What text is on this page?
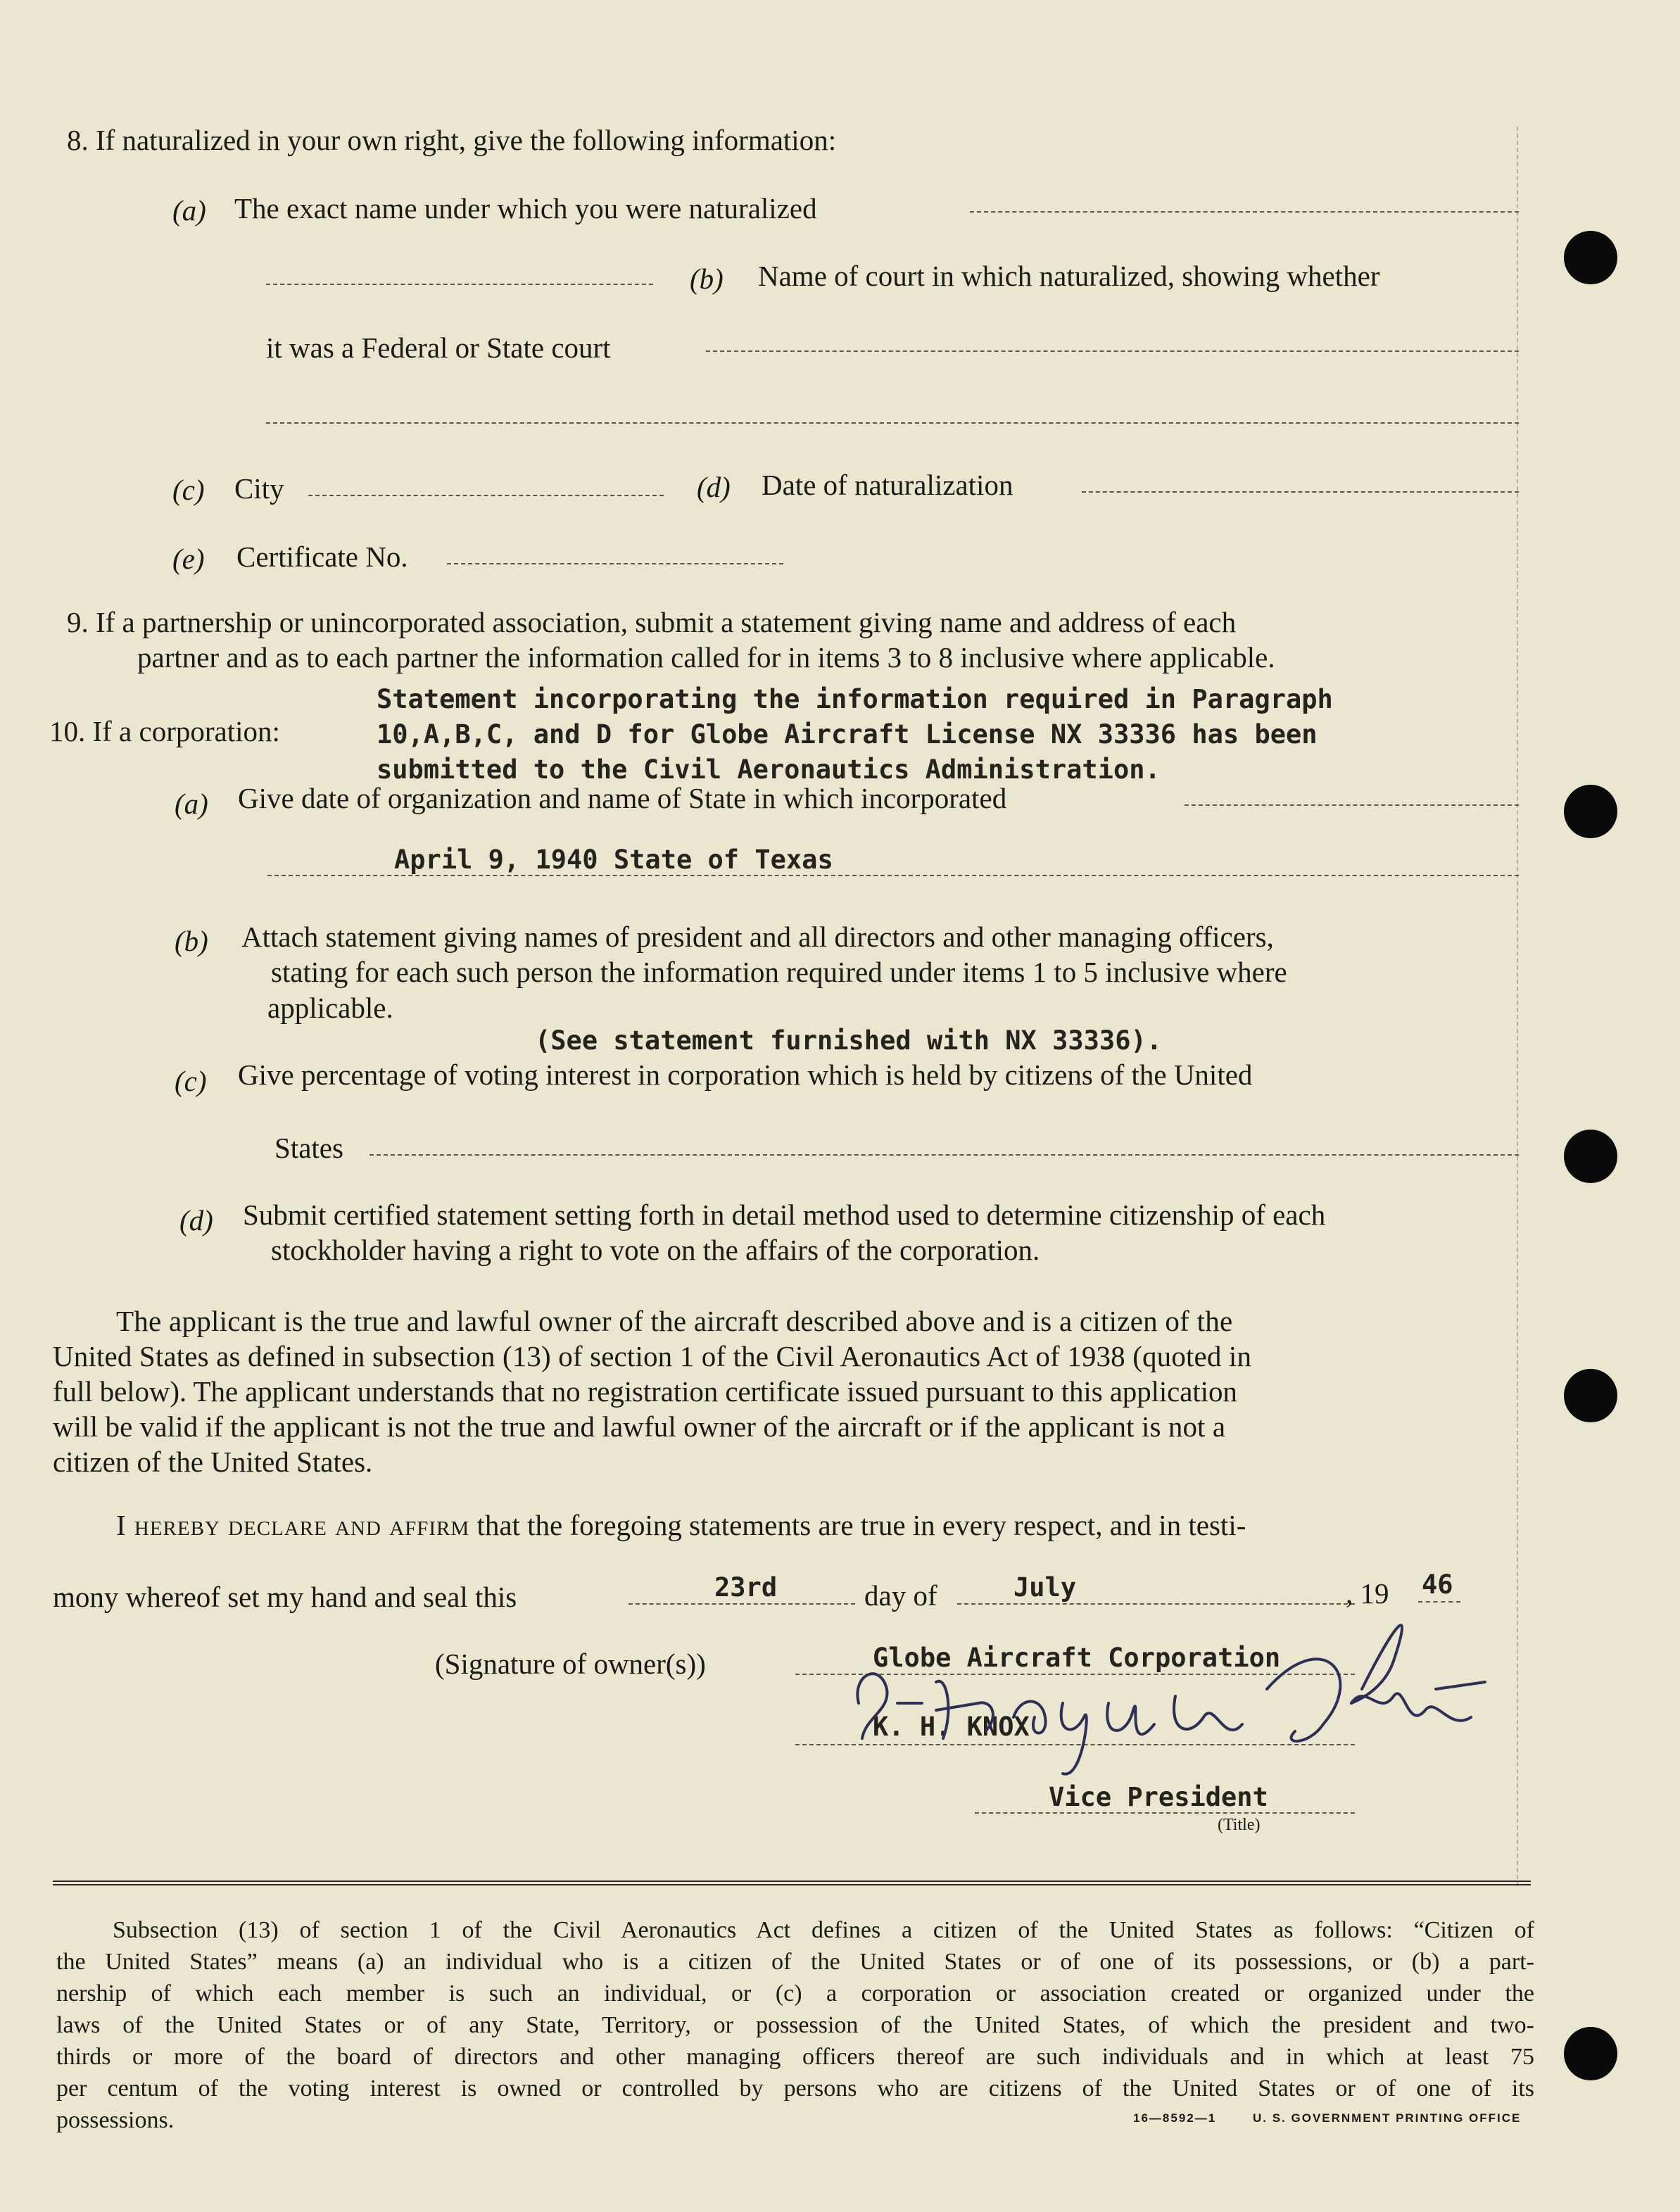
8. If naturalized in your own right, give the following information:
(a) The exact name under which you were naturalized
(b) Name of court in which naturalized, showing whether
it was a Federal or State court
(c) City	(d) Date of naturalization
(e) Certificate No.
9. If a partnership or unincorporated association, submit a statement giving name and address of each
partner and as to each partner the information called for in items 3 to 8 inclusive where applicable.
Statement incorporating the information required in Paragraph
10. If a corporation:	10,A,B,C, and D for Globe Aircraft License NX 33336 has been
submitted to the Civil Aeronautics Administration.
(a) Give date of organization and name of State in which incorporated
April 9, 1940 State of Texas
(b) Attach statement giving names of president and all directors and other managing officers,
stating for each such person the information required under items 1 to 5 inclusive where
applicable.
(See statement furnished with NX 33336).
(c) Give percentage of voting interest in corporation which is held by citizens of the United
States
(d) Submit certified statement setting forth in detail method used to determine citizenship of each
stockholder having a right to vote on the affairs of the corporation.
The applicant is the true and lawful owner of the aircraft described above and is a citizen of the
United States as defined in subsection (13) of section 1 of the Civil Aeronautics Act of 1938 (quoted in
full below). The applicant understands that no registration certificate issued pursuant to this application
will be valid if the applicant is not the true and lawful owner of the aircraft or if the applicant is not a
citizen of the United States.
I hereby declare and affirm that the foregoing statements are true in every respect, and in testi-
mony whereof set my hand and seal this	23rd	day of	July	, 19 46
(Signature of owner(s))	Globe Aircraft Corporation
K. H. KNOX
Vice President
(Title)
Subsection (13) of section 1 of the Civil Aeronautics Act defines a citizen of the United States as follows: “Citizen of
the United States” means (a) an individual who is a citizen of the United States or of one of its possessions, or (b) a part-
nership of which each member is such an individual, or (c) a corporation or association created or organized under the
laws of the United States or of any State, Territory, or possession of the United States, of which the president and two-
thirds or more of the board of directors and other managing officers thereof are such individuals and in which at least 75
per centum of the voting interest is owned or controlled by persons who are citizens of the United States or of one of its
possessions.	16—8592—1	U. S. GOVERNMENT PRINTING OFFICE
